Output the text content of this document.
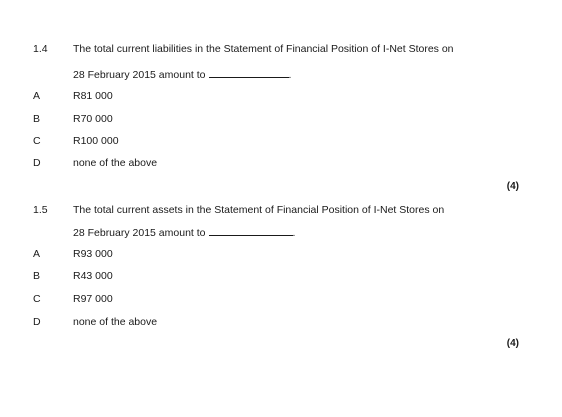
1.4 The total current liabilities in the Statement of Financial Position of I-Net Stores on
28 February 2015 amount to	.
A	R81 000
B	R70 000
C	R100 000
D	none of the above
(4)
1.5 The total current assets in the Statement of Financial Position of I-Net Stores on
28 February 2015 amount to	.
A	R93 000
B	R43 000
C	R97 000
D	none of the above
(4)
